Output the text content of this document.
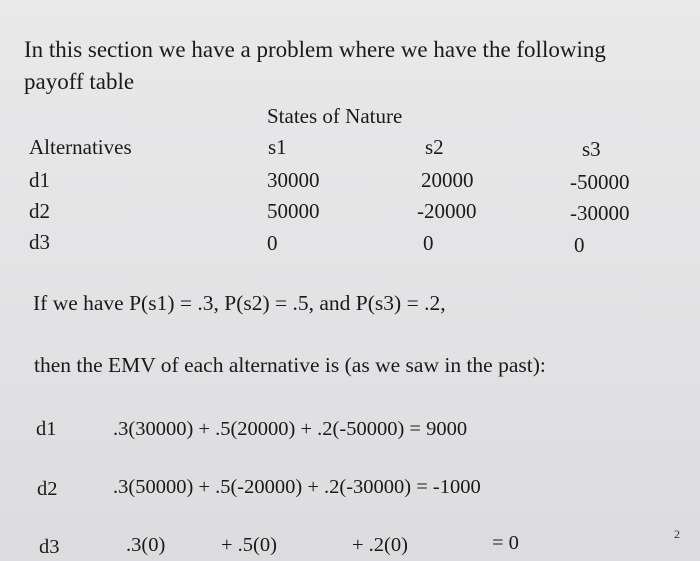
In this section we have a problem where we have the following
payoff table
States of Nature
Alternatives	s1	s2	s3
d1	30000	20000	-50000
d2	50000	-20000	-30000
d3	0	0	0
If we have P(s1) = .3, P(s2) = .5, and P(s3) = .2,
then the EMV of each alternative is (as we saw in the past):
d1	.3(30000) + .5(20000) + .2(-50000) = 9000
d2	.3(50000) + .5(-20000) + .2(-30000) = -1000
d3	.3(0)	+ .5(0)	+ .2(0)	= 0	2
